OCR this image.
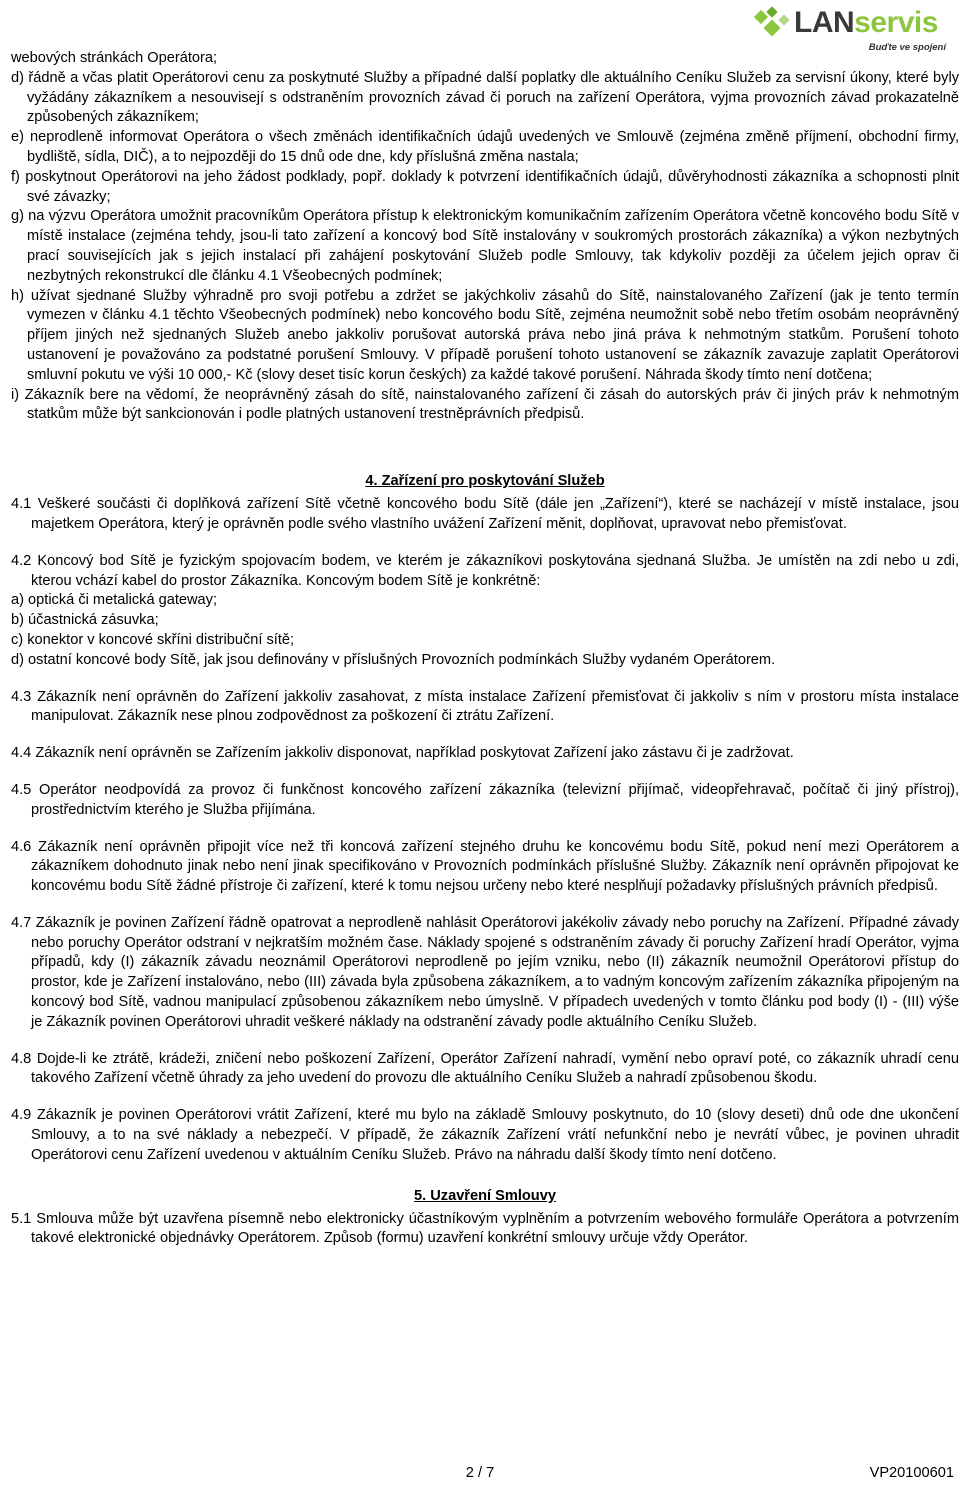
LANservis
Buďte ve spojení

webových stránkách Operátora;

d) řádně a včas platit Operátorovi cenu za poskytnuté Služby a případné další poplatky dle aktuálního Ceníku Služeb za servisní úkony, které byly vyžádány zákazníkem a nesouvisejí s odstraněním provozních závad či poruch na zařízení Operátora, vyjma provozních závad prokazatelně způsobených zákazníkem;

e) neprodleně informovat Operátora o všech změnách identifikačních údajů uvedených ve Smlouvě (zejména změně příjmení, obchodní firmy, bydliště, sídla, DIČ), a to nejpozději do 15 dnů ode dne, kdy příslušná změna nastala;

f) poskytnout Operátorovi na jeho žádost podklady, popř. doklady k potvrzení identifikačních údajů, důvěryhodnosti zákazníka a schopnosti plnit své závazky;

g) na výzvu Operátora umožnit pracovníkům Operátora přístup k elektronickým komunikačním zařízením Operátora včetně koncového bodu Sítě v místě instalace (zejména tehdy, jsou-li tato zařízení a koncový bod Sítě instalovány v soukromých prostorách zákazníka) a výkon nezbytných prací souvisejících jak s jejich instalací při zahájení poskytování Služeb podle Smlouvy, tak kdykoliv později za účelem jejich oprav či nezbytných rekonstrukcí dle článku 4.1 Všeobecných podmínek;

h) užívat sjednané Služby výhradně pro svoji potřebu a zdržet se jakýchkoliv zásahů do Sítě, nainstalovaného Zařízení (jak je tento termín vymezen v článku 4.1 těchto Všeobecných podmínek) nebo koncového bodu Sítě, zejména neumožnit sobě nebo třetím osobám neoprávněný příjem jiných než sjednaných Služeb anebo jakkoliv porušovat autorská práva nebo jiná práva k nehmotným statkům. Porušení tohoto ustanovení je považováno za podstatné porušení Smlouvy. V případě porušení tohoto ustanovení se zákazník zavazuje zaplatit Operátorovi smluvní pokutu ve výši 10 000,- Kč (slovy deset tisíc korun českých) za každé takové porušení. Náhrada škody tímto není dotčena;

i) Zákazník bere na vědomí, že neoprávněný zásah do sítě, nainstalovaného zařízení či zásah do autorských práv či jiných práv k nehmotným statkům může být sankcionován i podle platných ustanovení trestněprávních předpisů.

4. Zařízení pro poskytování Služeb

4.1 Veškeré součásti či doplňková zařízení Sítě včetně koncového bodu Sítě (dále jen „Zařízení“), které se nacházejí v místě instalace, jsou majetkem Operátora, který je oprávněn podle svého vlastního uvážení Zařízení měnit, doplňovat, upravovat nebo přemisťovat.

4.2 Koncový bod Sítě je fyzickým spojovacím bodem, ve kterém je zákazníkovi poskytována sjednaná Služba. Je umístěn na zdi nebo u zdi, kterou vchází kabel do prostor Zákazníka. Koncovým bodem Sítě je konkrétně:

a) optická či metalická gateway;

b) účastnická zásuvka;

c) konektor v koncové skříni distribuční sítě;

d) ostatní koncové body Sítě, jak jsou definovány v příslušných Provozních podmínkách Služby vydaném Operátorem.

4.3 Zákazník není oprávněn do Zařízení jakkoliv zasahovat, z místa instalace Zařízení přemisťovat či jakkoliv s ním v prostoru místa instalace manipulovat. Zákazník nese plnou zodpovědnost za poškození či ztrátu Zařízení.

4.4 Zákazník není oprávněn se Zařízením jakkoliv disponovat, například poskytovat Zařízení jako zástavu či je zadržovat.

4.5 Operátor neodpovídá za provoz či funkčnost koncového zařízení zákazníka (televizní přijímač, videopřehravač, počítač či jiný přístroj), prostřednictvím kterého je Služba přijímána.

4.6 Zákazník není oprávněn připojit více než tři koncová zařízení stejného druhu ke koncovému bodu Sítě, pokud není mezi Operátorem a zákazníkem dohodnuto jinak nebo není jinak specifikováno v Provozních podmínkách příslušné Služby. Zákazník není oprávněn připojovat ke koncovému bodu Sítě žádné přístroje či zařízení, které k tomu nejsou určeny nebo které nesplňují požadavky příslušných právních předpisů.

4.7 Zákazník je povinen Zařízení řádně opatrovat a neprodleně nahlásit Operátorovi jakékoliv závady nebo poruchy na Zařízení. Případné závady nebo poruchy Operátor odstraní v nejkratším možném čase. Náklady spojené s odstraněním závady či poruchy Zařízení hradí Operátor, vyjma případů, kdy (I) zákazník závadu neoznámil Operátorovi neprodleně po jejím vzniku, nebo (II) zákazník neumožnil Operátorovi přístup do prostor, kde je Zařízení instalováno, nebo (III) závada byla způsobena zákazníkem, a to vadným koncovým zařízením zákazníka připojeným na koncový bod Sítě, vadnou manipulací způsobenou zákazníkem nebo úmyslně. V případech uvedených v tomto článku pod body (I) - (III) výše je Zákazník povinen Operátorovi uhradit veškeré náklady na odstranění závady podle aktuálního Ceníku Služeb.

4.8 Dojde-li ke ztrátě, krádeži, zničení nebo poškození Zařízení, Operátor Zařízení nahradí, vymění nebo opraví poté, co zákazník uhradí cenu takového Zařízení včetně úhrady za jeho uvedení do provozu dle aktuálního Ceníku Služeb a nahradí způsobenou škodu.

4.9 Zákazník je povinen Operátorovi vrátit Zařízení, které mu bylo na základě Smlouvy poskytnuto, do 10 (slovy deseti) dnů ode dne ukončení Smlouvy, a to na své náklady a nebezpečí. V případě, že zákazník Zařízení vrátí nefunkční nebo je nevrátí vůbec, je povinen uhradit Operátorovi cenu Zařízení uvedenou v aktuálním Ceníku Služeb. Právo na náhradu další škody tímto není dotčeno.

5. Uzavření Smlouvy

5.1 Smlouva může být uzavřena písemně nebo elektronicky účastníkovým vyplněním a potvrzením webového formuláře Operátora a potvrzením takové elektronické objednávky Operátorem. Způsob (formu) uzavření konkrétní smlouvy určuje vždy Operátor.

2 / 7	VP20100601
